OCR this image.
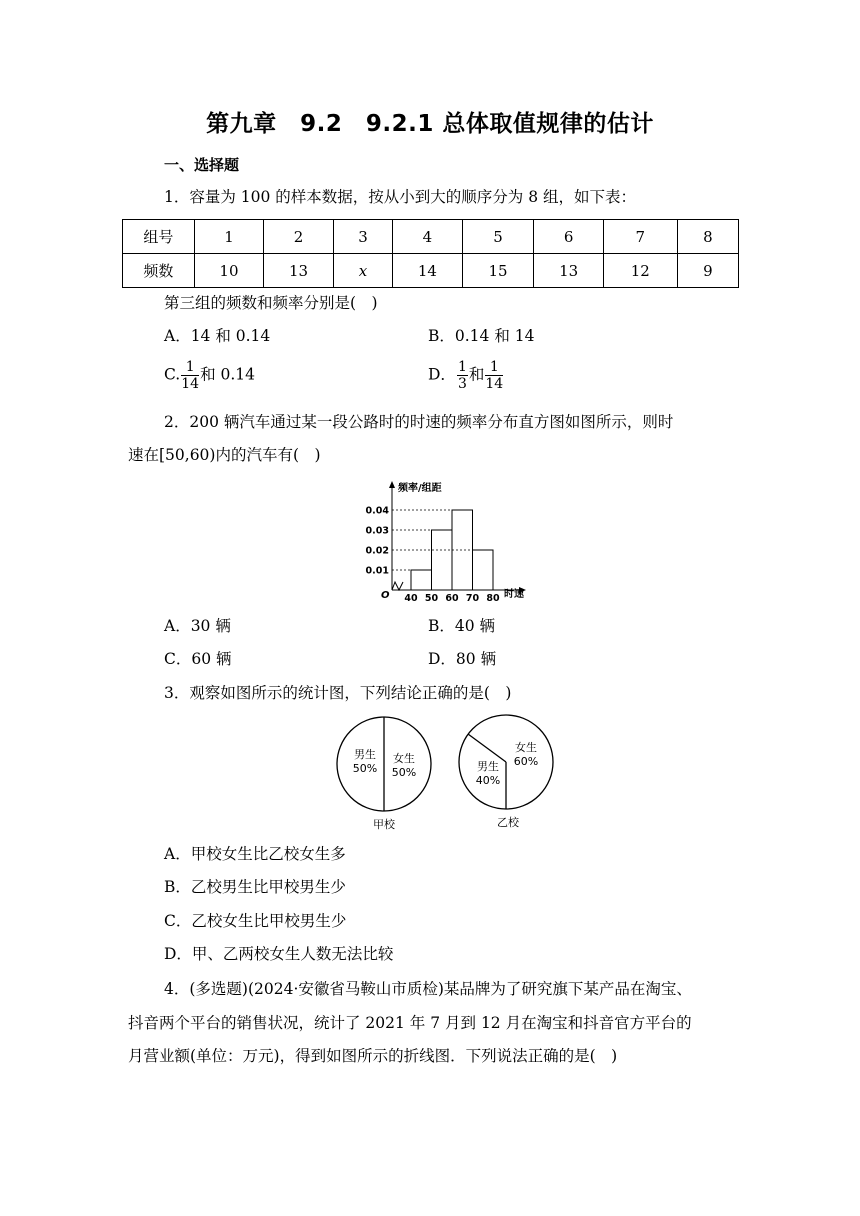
第九章　9.2　9.2.1 总体取值规律的估计
一、选择题
1．容量为 100 的样本数据，按从小到大的顺序分为 8 组，如下表：
组号	1	2	3	4	5	6	7	8
频数	10	13	x	14	15	13	12	9
第三组的频数和频率分别是(　)
A．14 和 0.14	B．0.14 和 14
C. $\frac{1}{14}$ 和 0.14	D． $\frac{1}{3}$ 和 $\frac{1}{14}$
2．200 辆汽车通过某一段公路时的时速的频率分布直方图如图所示，则时
速在[50,60)内的汽车有(　)
频率/组距
时速
O
0.01
0.02
0.03
0.04
40 50 60 70 80
A．30 辆	B．40 辆
C．60 辆	D．80 辆
3．观察如图所示的统计图，下列结论正确的是(　)
男生
50%
女生
50%
甲校
男生
40%
女生
60%
乙校
A．甲校女生比乙校女生多
B．乙校男生比甲校男生少
C．乙校女生比甲校男生少
D．甲、乙两校女生人数无法比较
4．(多选题)(2024·安徽省马鞍山市质检)某品牌为了研究旗下某产品在淘宝、
抖音两个平台的销售状况，统计了 2021 年 7 月到 12 月在淘宝和抖音官方平台的
月营业额(单位：万元)，得到如图所示的折线图．下列说法正确的是(　)
